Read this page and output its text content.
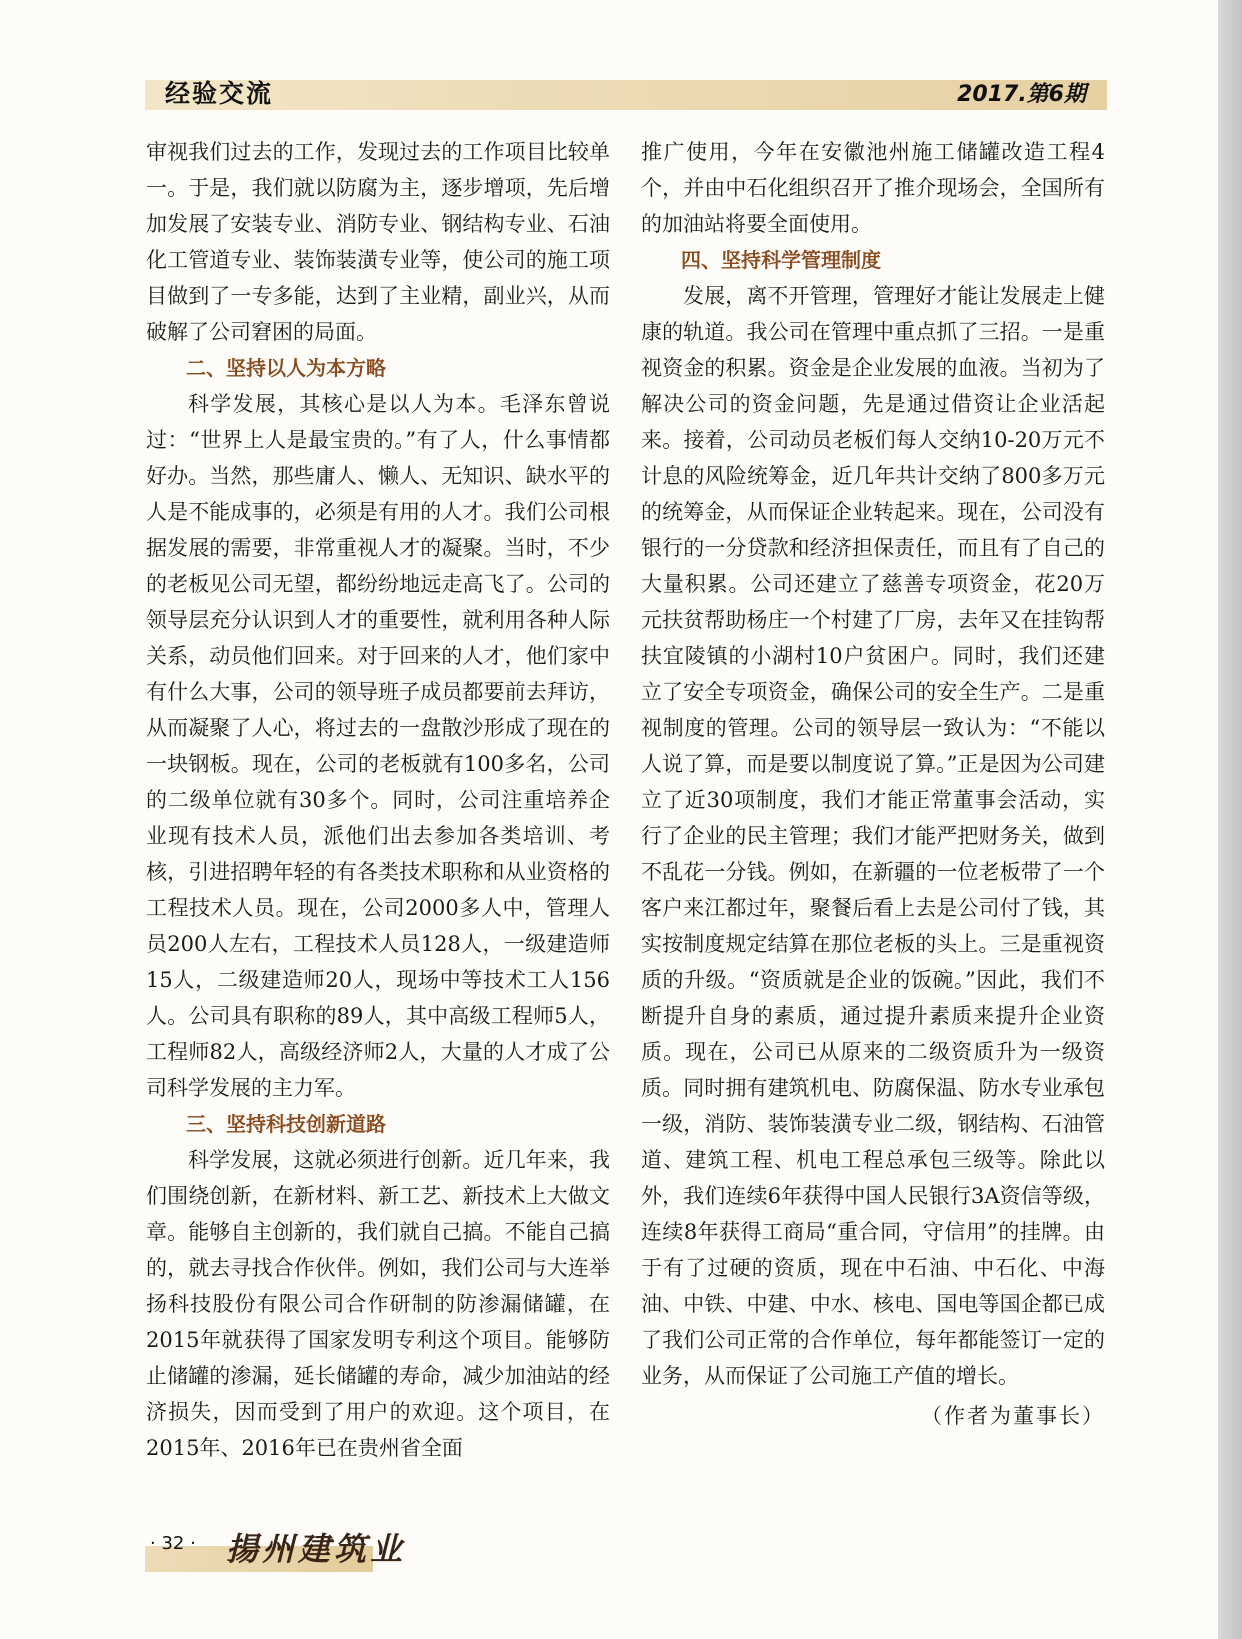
经验交流	2017.第6期

审视我们过去的工作，发现过去的工作项目比较单一。于是，我们就以防腐为主，逐步增项，先后增加发展了安装专业、消防专业、钢结构专业、石油化工管道专业、装饰装潢专业等，使公司的施工项目做到了一专多能，达到了主业精，副业兴，从而破解了公司窘困的局面。

二、坚持以人为本方略

科学发展，其核心是以人为本。毛泽东曾说过：“世界上人是最宝贵的。”有了人，什么事情都好办。当然，那些庸人、懒人、无知识、缺水平的人是不能成事的，必须是有用的人才。我们公司根据发展的需要，非常重视人才的凝聚。当时，不少的老板见公司无望，都纷纷地远走高飞了。公司的领导层充分认识到人才的重要性，就利用各种人际关系，动员他们回来。对于回来的人才，他们家中有什么大事，公司的领导班子成员都要前去拜访，从而凝聚了人心，将过去的一盘散沙形成了现在的一块钢板。现在，公司的老板就有100多名，公司的二级单位就有30多个。同时，公司注重培养企业现有技术人员，派他们出去参加各类培训、考核，引进招聘年轻的有各类技术职称和从业资格的工程技术人员。现在，公司2000多人中，管理人员200人左右，工程技术人员128人，一级建造师15人，二级建造师20人，现场中等技术工人156人。公司具有职称的89人，其中高级工程师5人，工程师82人，高级经济师2人，大量的人才成了公司科学发展的主力军。

三、坚持科技创新道路

科学发展，这就必须进行创新。近几年来，我们围绕创新，在新材料、新工艺、新技术上大做文章。能够自主创新的，我们就自己搞。不能自己搞的，就去寻找合作伙伴。例如，我们公司与大连举扬科技股份有限公司合作研制的防渗漏储罐，在2015年就获得了国家发明专利这个项目。能够防止储罐的渗漏，延长储罐的寿命，减少加油站的经济损失，因而受到了用户的欢迎。这个项目，在2015年、2016年已在贵州省全面

推广使用，今年在安徽池州施工储罐改造工程4个，并由中石化组织召开了推介现场会，全国所有的加油站将要全面使用。

四、坚持科学管理制度

发展，离不开管理，管理好才能让发展走上健康的轨道。我公司在管理中重点抓了三招。一是重视资金的积累。资金是企业发展的血液。当初为了解决公司的资金问题，先是通过借资让企业活起来。接着，公司动员老板们每人交纳10-20万元不计息的风险统筹金，近几年共计交纳了800多万元的统筹金，从而保证企业转起来。现在，公司没有银行的一分贷款和经济担保责任，而且有了自己的大量积累。公司还建立了慈善专项资金，花20万元扶贫帮助杨庄一个村建了厂房，去年又在挂钩帮扶宜陵镇的小湖村10户贫困户。同时，我们还建立了安全专项资金，确保公司的安全生产。二是重视制度的管理。公司的领导层一致认为：“不能以人说了算，而是要以制度说了算。”正是因为公司建立了近30项制度，我们才能正常董事会活动，实行了企业的民主管理；我们才能严把财务关，做到不乱花一分钱。例如，在新疆的一位老板带了一个客户来江都过年，聚餐后看上去是公司付了钱，其实按制度规定结算在那位老板的头上。三是重视资质的升级。“资质就是企业的饭碗。”因此，我们不断提升自身的素质，通过提升素质来提升企业资质。现在，公司已从原来的二级资质升为一级资质。同时拥有建筑机电、防腐保温、防水专业承包一级，消防、装饰装潢专业二级，钢结构、石油管道、建筑工程、机电工程总承包三级等。除此以外，我们连续6年获得中国人民银行3A资信等级，连续8年获得工商局“重合同，守信用”的挂牌。由于有了过硬的资质，现在中石油、中石化、中海油、中铁、中建、中水、核电、国电等国企都已成了我们公司正常的合作单位，每年都能签订一定的业务，从而保证了公司施工产值的增长。

（作者为董事长）

· 32 · 揚州建筑业
